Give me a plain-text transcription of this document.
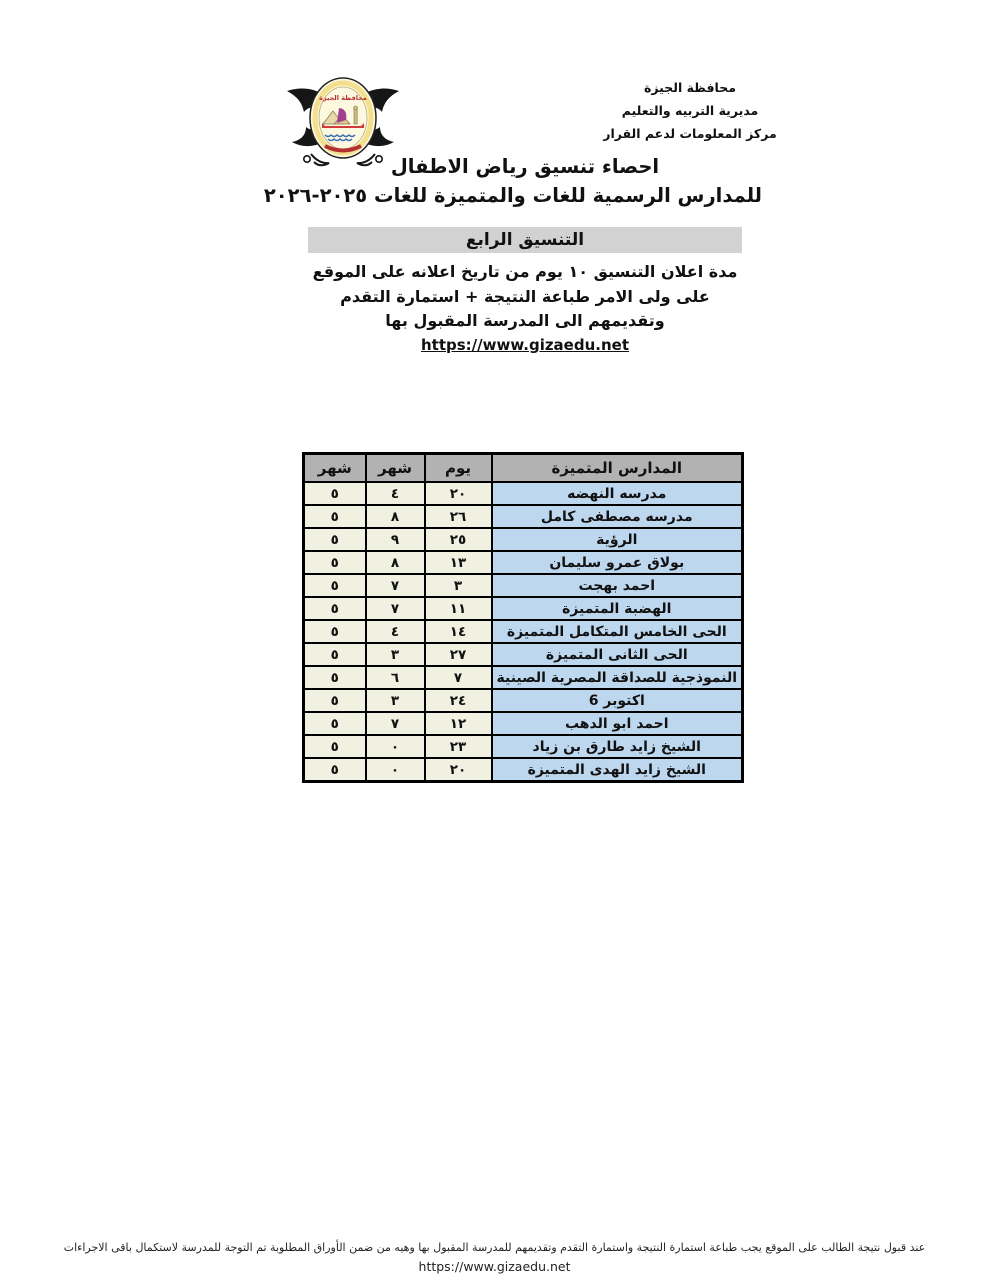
محافظة الجيزة
محافظة الجيزة
مديرية التربيه والتعليم
مركز المعلومات لدعم القرار
احصاء تنسيق رياض الاطفال
للمدارس الرسمية للغات والمتميزة للغات ٢٠٢٥-٢٠٢٦
التنسيق الرابع
مدة اعلان التنسيق ١٠ يوم من تاريخ اعلانه على الموقع
على ولى الامر طباعة النتيجة + استمارة التقدم
وتقديمهم الى المدرسة المقبول بها
https://www.gizaedu.net
المدارس المتميزة	يوم	شهر	شهر
مدرسه النهضه	٢٠	٤	٥
مدرسه مصطفى كامل	٢٦	٨	٥
الرؤية	٢٥	٩	٥
بولاق عمرو سليمان	١٣	٨	٥
احمد بهجت	٣	٧	٥
الهضبة المتميزة	١١	٧	٥
الحى الخامس المتكامل المتميزة	١٤	٤	٥
الحى الثانى المتميزة	٢٧	٣	٥
النموذجية للصداقة المصرية الصينية	٧	٦	٥
اكتوبر 6	٢٤	٣	٥
احمد ابو الدهب	١٢	٧	٥
الشيخ زايد طارق بن زياد	٢٣	٠	٥
الشيخ زايد الهدى المتميزة	٢٠	٠	٥
عند قبول نتيجة الطالب على الموقع يجب طباعة استمارة النتيجة واستمارة التقدم وتقديمهم للمدرسة المقبول بها وهيه من ضمن الأوراق المطلوبة تم التوجة للمدرسة لاستكمال باقى الاجراءات
https://www.gizaedu.net
